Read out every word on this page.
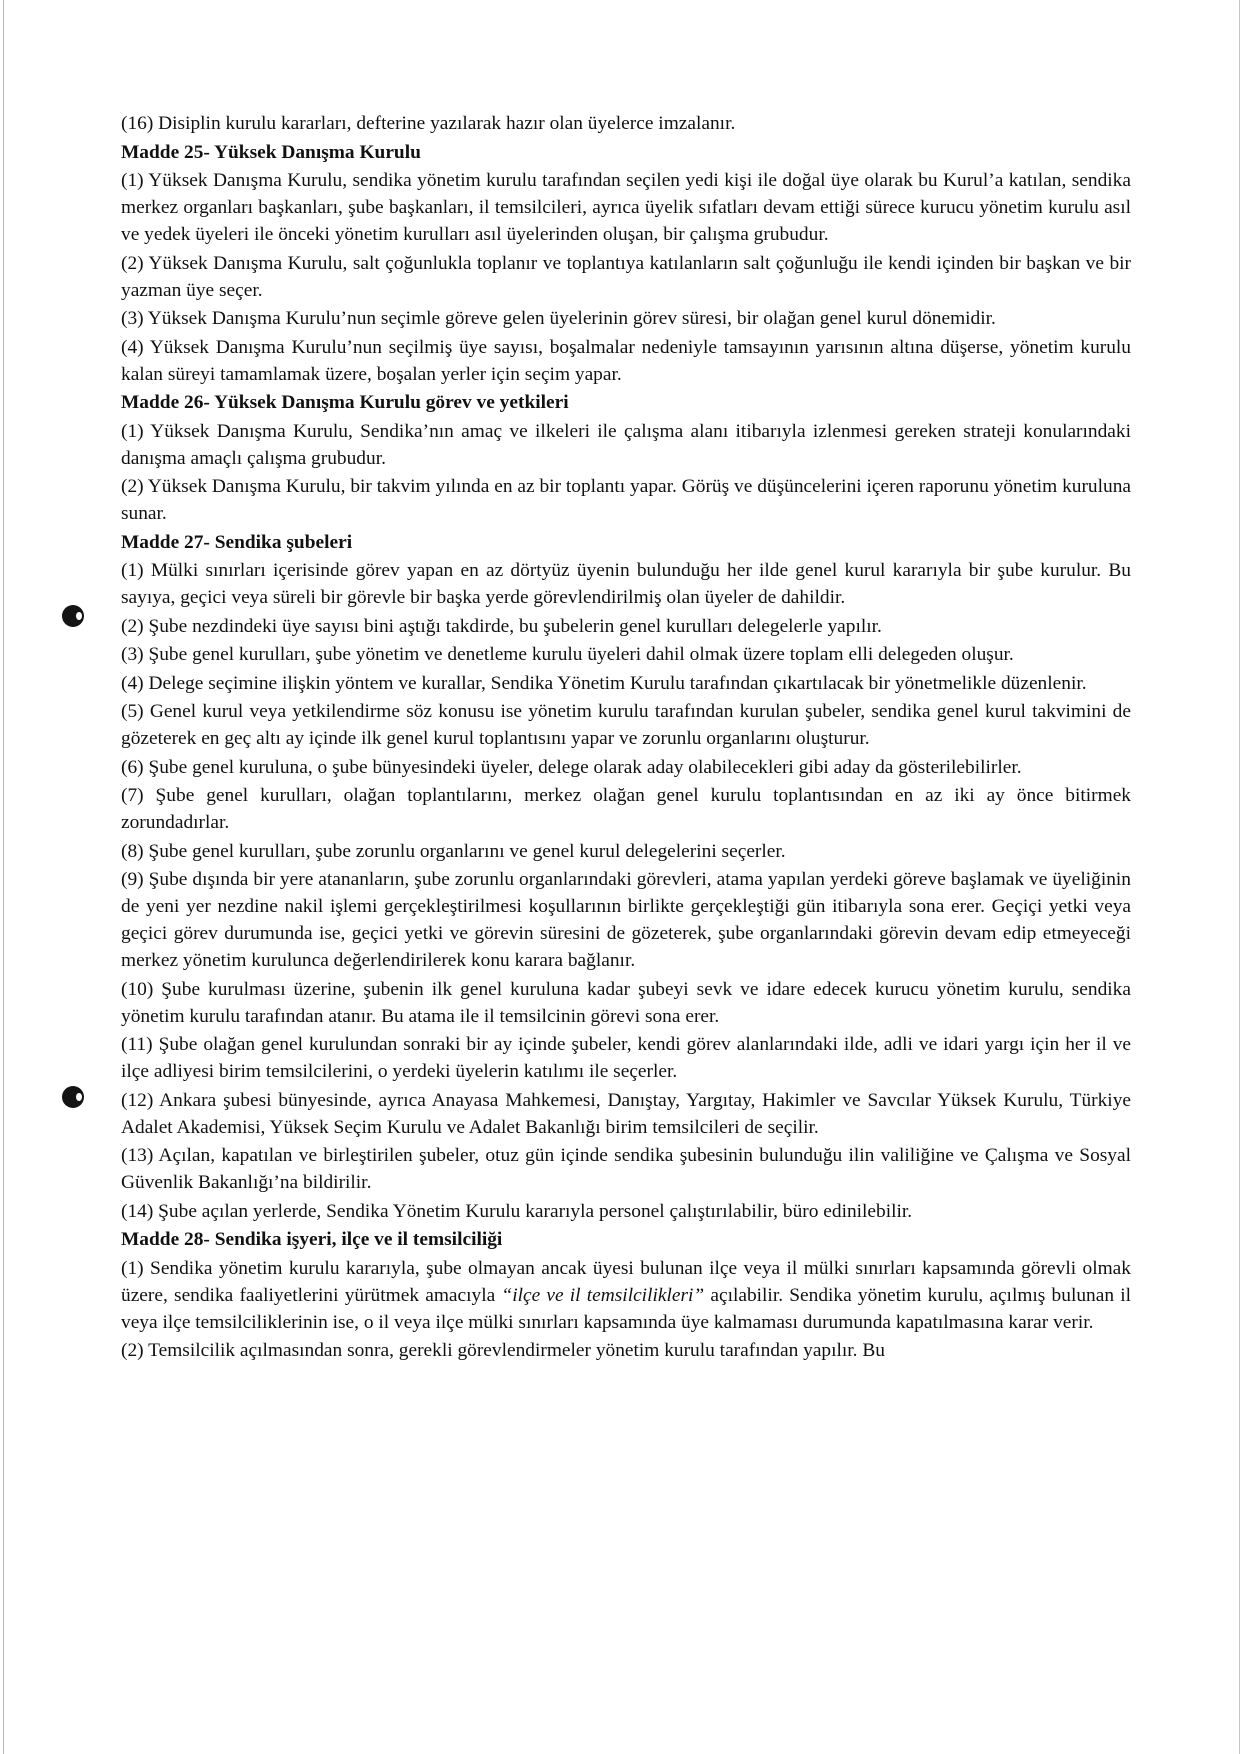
(16) Disiplin kurulu kararları, defterine yazılarak hazır olan üyelerce imzalanır.

Madde 25- Yüksek Danışma Kurulu

(1) Yüksek Danışma Kurulu, sendika yönetim kurulu tarafından seçilen yedi kişi ile doğal üye olarak bu Kurul’a katılan, sendika merkez organları başkanları, şube başkanları, il temsilcileri, ayrıca üyelik sıfatları devam ettiği sürece kurucu yönetim kurulu asıl ve yedek üyeleri ile önceki yönetim kurulları asıl üyelerinden oluşan, bir çalışma grubudur.

(2) Yüksek Danışma Kurulu, salt çoğunlukla toplanır ve toplantıya katılanların salt çoğunluğu ile kendi içinden bir başkan ve bir yazman üye seçer.

(3) Yüksek Danışma Kurulu’nun seçimle göreve gelen üyelerinin görev süresi, bir olağan genel kurul dönemidir.

(4) Yüksek Danışma Kurulu’nun seçilmiş üye sayısı, boşalmalar nedeniyle tamsayının yarısının altına düşerse, yönetim kurulu kalan süreyi tamamlamak üzere, boşalan yerler için seçim yapar.

Madde 26- Yüksek Danışma Kurulu görev ve yetkileri

(1) Yüksek Danışma Kurulu, Sendika’nın amaç ve ilkeleri ile çalışma alanı itibarıyla izlenmesi gereken strateji konularındaki danışma amaçlı çalışma grubudur.

(2) Yüksek Danışma Kurulu, bir takvim yılında en az bir toplantı yapar. Görüş ve düşüncelerini içeren raporunu yönetim kuruluna sunar.

Madde 27- Sendika şubeleri

(1) Mülki sınırları içerisinde görev yapan en az dörtyüz üyenin bulunduğu her ilde genel kurul kararıyla bir şube kurulur. Bu sayıya, geçici veya süreli bir görevle bir başka yerde görevlendirilmiş olan üyeler de dahildir.

(2) Şube nezdindeki üye sayısı bini aştığı takdirde, bu şubelerin genel kurulları delegelerle yapılır.

(3) Şube genel kurulları, şube yönetim ve denetleme kurulu üyeleri dahil olmak üzere toplam elli delegeden oluşur.

(4) Delege seçimine ilişkin yöntem ve kurallar, Sendika Yönetim Kurulu tarafından çıkartılacak bir yönetmelikle düzenlenir.

(5) Genel kurul veya yetkilendirme söz konusu ise yönetim kurulu tarafından kurulan şubeler, sendika genel kurul takvimini de gözeterek en geç altı ay içinde ilk genel kurul toplantısını yapar ve zorunlu organlarını oluşturur.

(6) Şube genel kuruluna, o şube bünyesindeki üyeler, delege olarak aday olabilecekleri gibi aday da gösterilebilirler.

(7) Şube genel kurulları, olağan toplantılarını, merkez olağan genel kurulu toplantısından en az iki ay önce bitirmek zorundadırlar.

(8) Şube genel kurulları, şube zorunlu organlarını ve genel kurul delegelerini seçerler.

(9) Şube dışında bir yere atananların, şube zorunlu organlarındaki görevleri, atama yapılan yerdeki göreve başlamak ve üyeliğinin de yeni yer nezdine nakil işlemi gerçekleştirilmesi koşullarının birlikte gerçekleştiği gün itibarıyla sona erer. Geçiçi yetki veya geçici görev durumunda ise, geçici yetki ve görevin süresini de gözeterek, şube organlarındaki görevin devam edip etmeyeceği merkez yönetim kurulunca değerlendirilerek konu karara bağlanır.

(10) Şube kurulması üzerine, şubenin ilk genel kuruluna kadar şubeyi sevk ve idare edecek kurucu yönetim kurulu, sendika yönetim kurulu tarafından atanır. Bu atama ile il temsilcinin görevi sona erer.

(11) Şube olağan genel kurulundan sonraki bir ay içinde şubeler, kendi görev alanlarındaki ilde, adli ve idari yargı için her il ve ilçe adliyesi birim temsilcilerini, o yerdeki üyelerin katılımı ile seçerler.

(12) Ankara şubesi bünyesinde, ayrıca Anayasa Mahkemesi, Danıştay, Yargıtay, Hakimler ve Savcılar Yüksek Kurulu, Türkiye Adalet Akademisi, Yüksek Seçim Kurulu ve Adalet Bakanlığı birim temsilcileri de seçilir.

(13) Açılan, kapatılan ve birleştirilen şubeler, otuz gün içinde sendika şubesinin bulunduğu ilin valiliğine ve Çalışma ve Sosyal Güvenlik Bakanlığı’na bildirilir.

(14) Şube açılan yerlerde, Sendika Yönetim Kurulu kararıyla personel çalıştırılabilir, büro edinilebilir.

Madde 28- Sendika işyeri, ilçe ve il temsilciliği

(1) Sendika yönetim kurulu kararıyla, şube olmayan ancak üyesi bulunan ilçe veya il mülki sınırları kapsamında görevli olmak üzere, sendika faaliyetlerini yürütmek amacıyla “ilçe ve il temsilcilikleri” açılabilir. Sendika yönetim kurulu, açılmış bulunan il veya ilçe temsilciliklerinin ise, o il veya ilçe mülki sınırları kapsamında üye kalmaması durumunda kapatılmasına karar verir.

(2) Temsilcilik açılmasından sonra, gerekli görevlendirmeler yönetim kurulu tarafından yapılır. Bu
